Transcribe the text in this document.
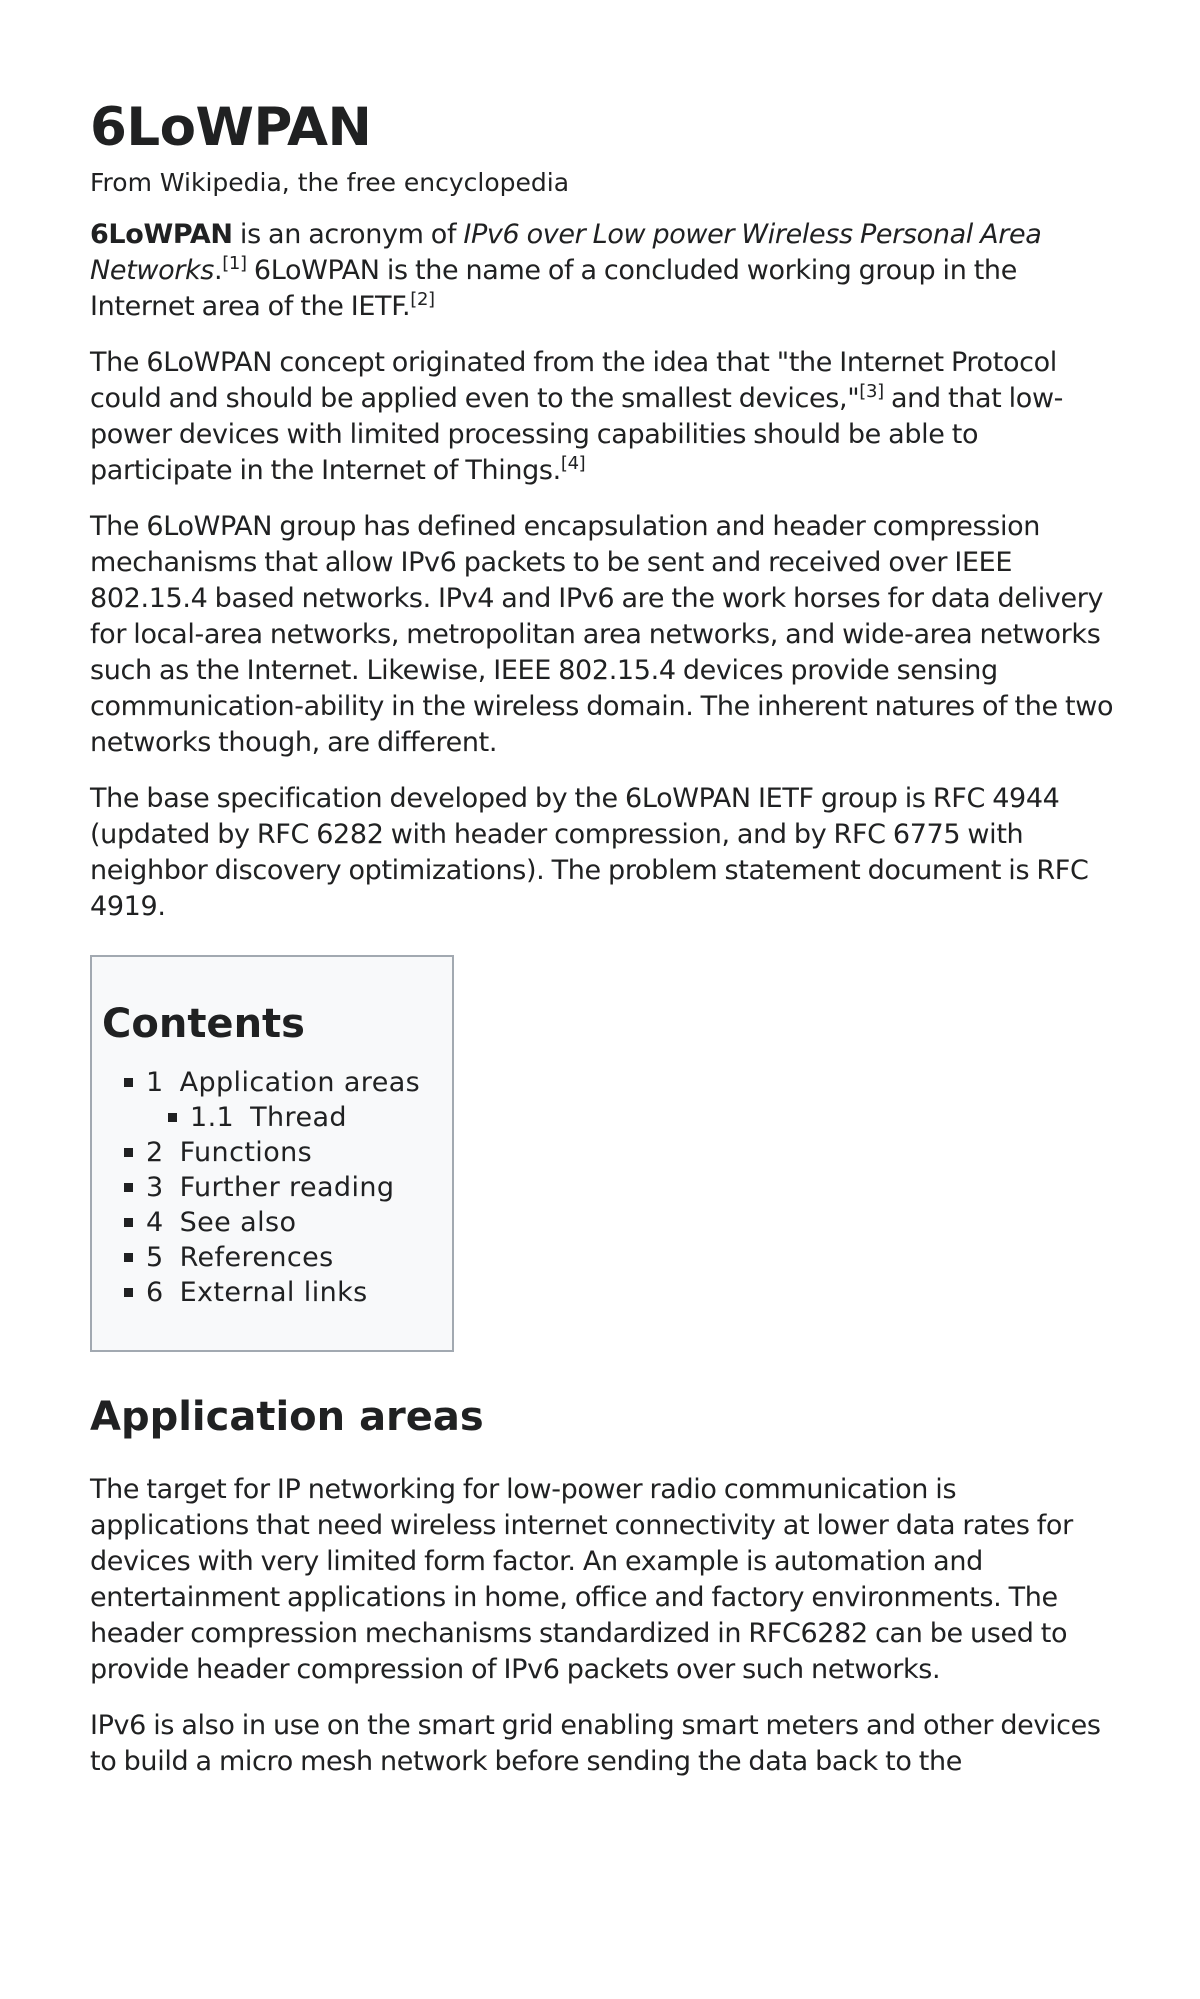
6LoWPAN
From Wikipedia, the free encyclopedia

6LoWPAN is an acronym of IPv6 over Low power Wireless Personal Area Networks.[1] 6LoWPAN is the name of a concluded working group in the Internet area of the IETF.[2]

The 6LoWPAN concept originated from the idea that "the Internet Protocol could and should be applied even to the smallest devices,"[3] and that low-power devices with limited processing capabilities should be able to participate in the Internet of Things.[4]

The 6LoWPAN group has defined encapsulation and header compression mechanisms that allow IPv6 packets to be sent and received over IEEE 802.15.4 based networks. IPv4 and IPv6 are the work horses for data delivery for local-area networks, metropolitan area networks, and wide-area networks such as the Internet. Likewise, IEEE 802.15.4 devices provide sensing communication-ability in the wireless domain. The inherent natures of the two networks though, are different.

The base specification developed by the 6LoWPAN IETF group is RFC 4944 (updated by RFC 6282 with header compression, and by RFC 6775 with neighbor discovery optimizations). The problem statement document is RFC 4919.

Contents
1 Application areas
1.1 Thread
2 Functions
3 Further reading
4 See also
5 References
6 External links
Application areas

The target for IP networking for low-power radio communication is applications that need wireless internet connectivity at lower data rates for devices with very limited form factor. An example is automation and entertainment applications in home, office and factory environments. The header compression mechanisms standardized in RFC6282 can be used to provide header compression of IPv6 packets over such networks.

IPv6 is also in use on the smart grid enabling smart meters and other devices to build a micro mesh network before sending the data back to the
